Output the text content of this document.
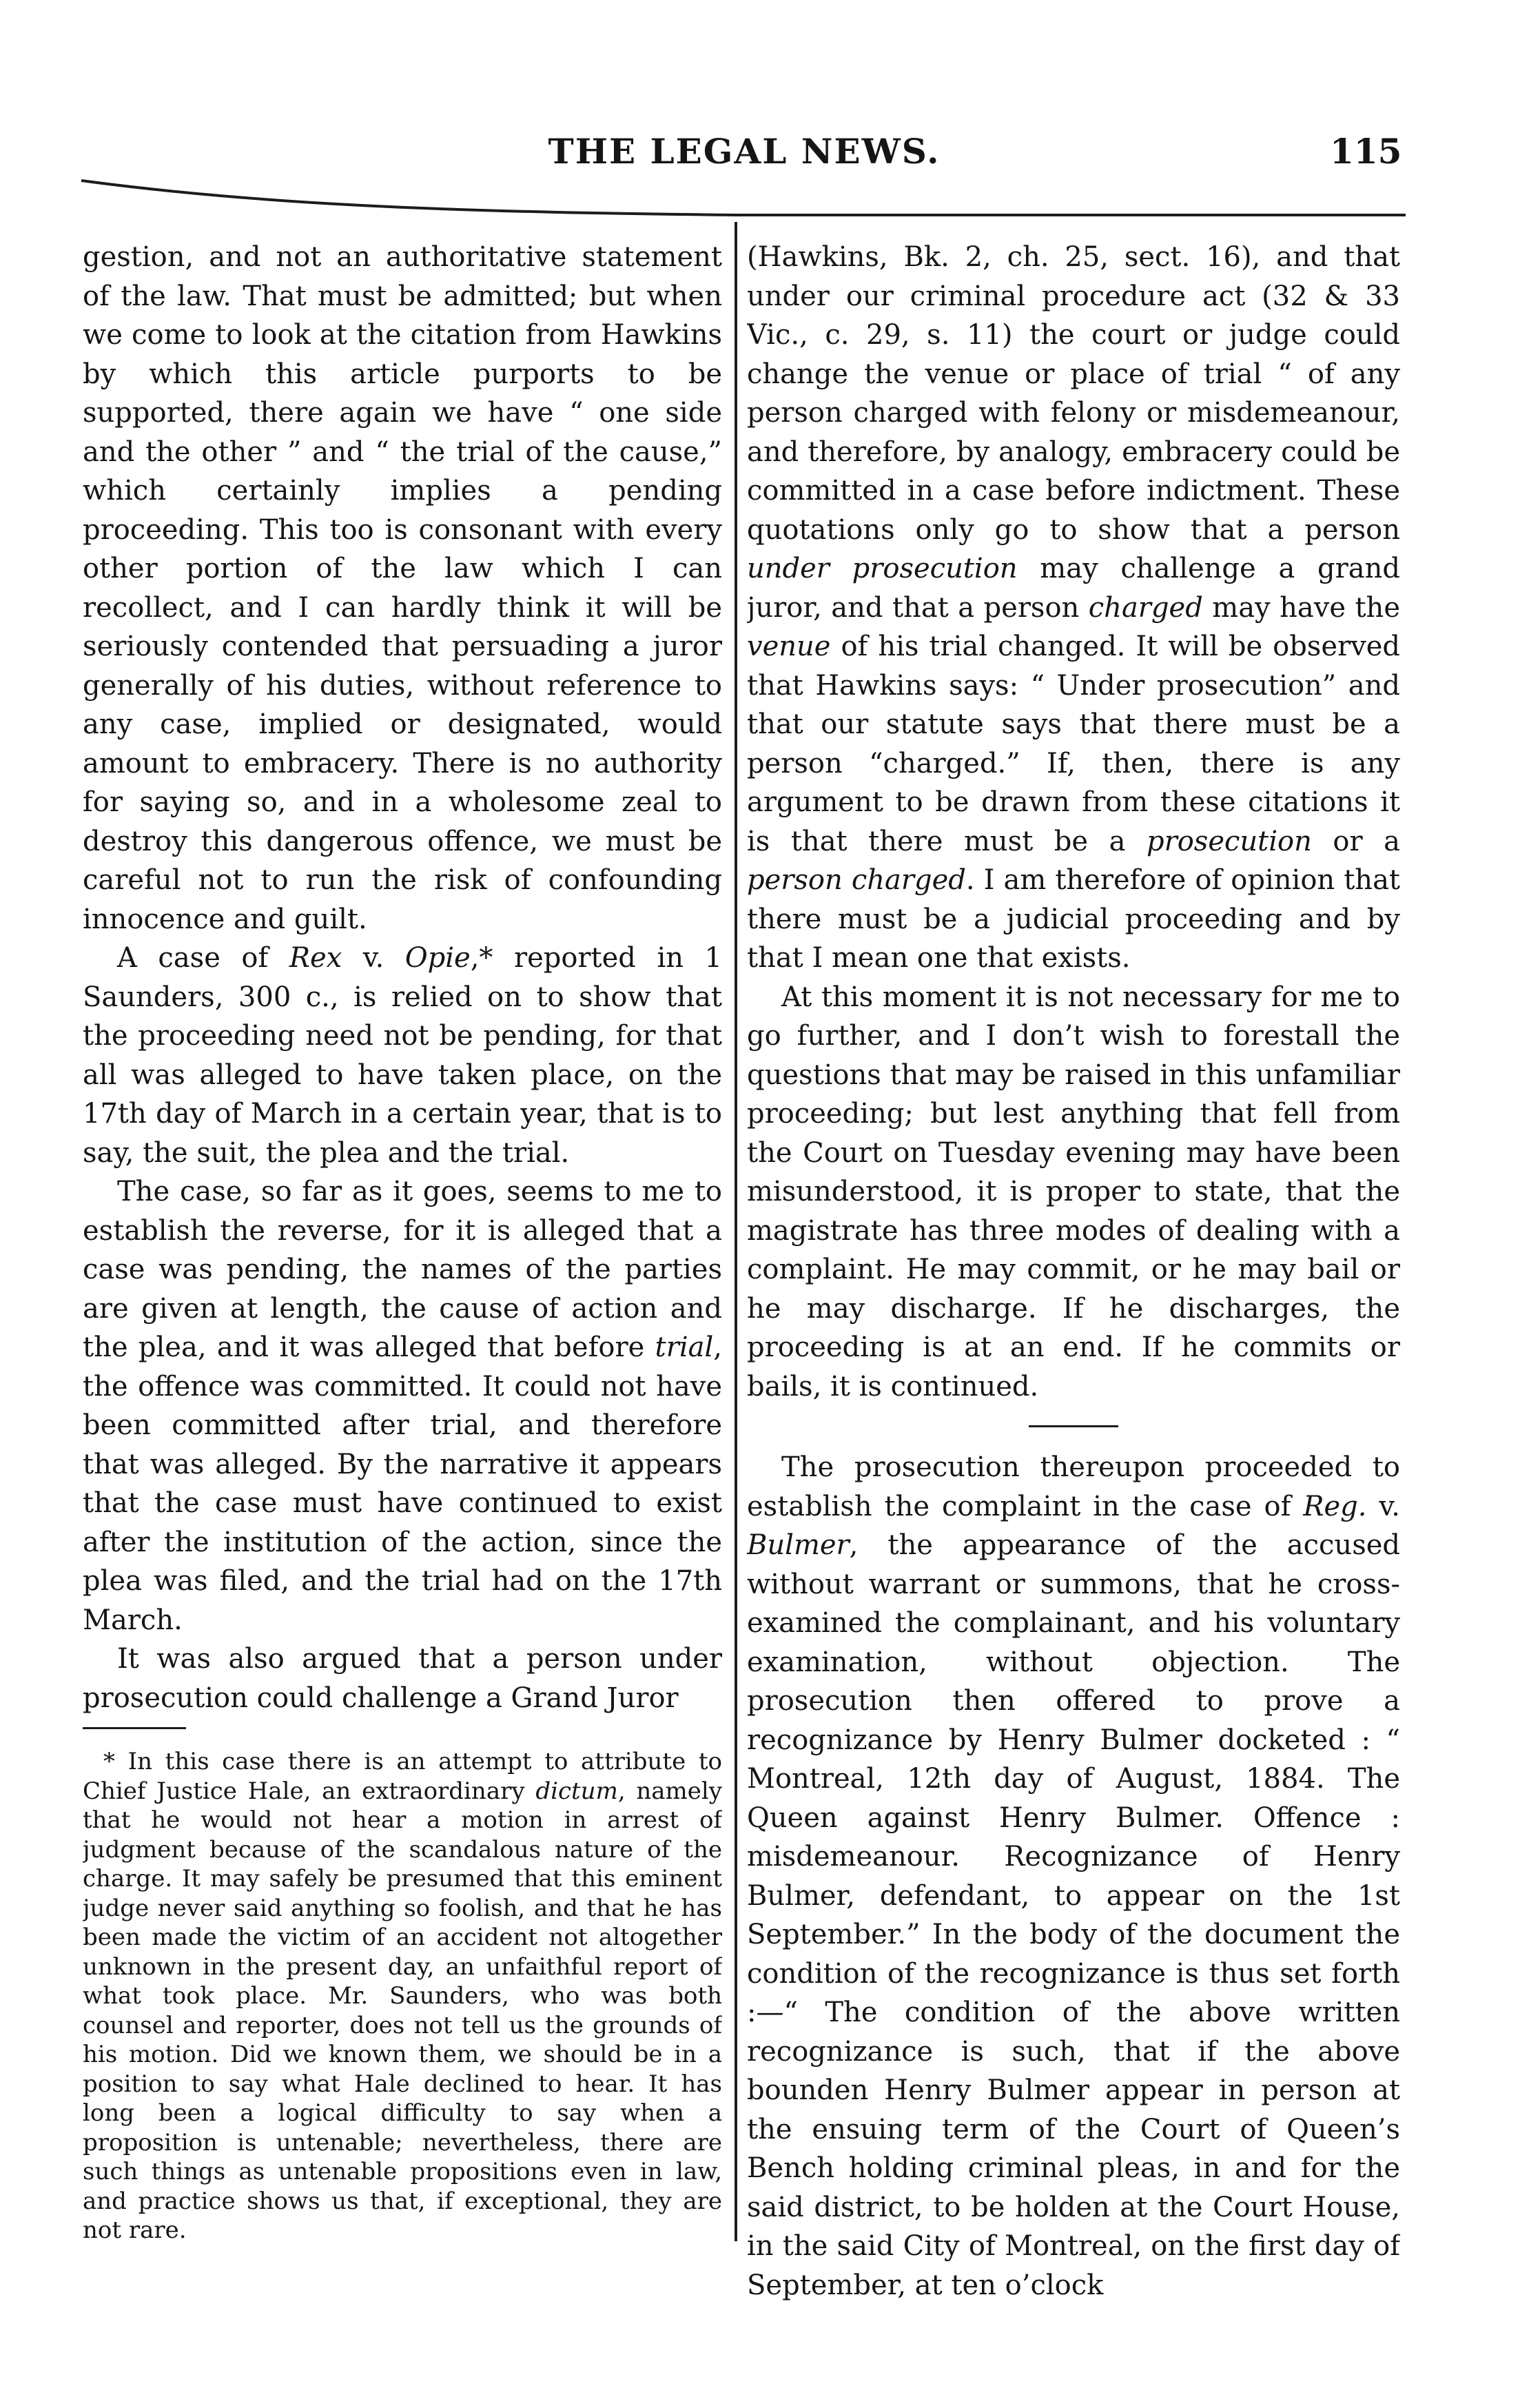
THE LEGAL NEWS.	115

gestion, and not an authoritative statement of the law. That must be admitted; but when we come to look at the citation from Hawkins by which this article purports to be supported, there again we have “ one side and the other ” and “ the trial of the cause,” which certainly implies a pending proceeding. This too is consonant with every other portion of the law which I can recollect, and I can hardly think it will be seriously contended that persuading a juror generally of his duties, without reference to any case, implied or designated, would amount to embracery. There is no authority for saying so, and in a wholesome zeal to destroy this dangerous offence, we must be careful not to run the risk of confounding innocence and guilt.

A case of Rex v. Opie,* reported in 1 Saunders, 300 c., is relied on to show that the proceeding need not be pending, for that all was alleged to have taken place, on the 17th day of March in a certain year, that is to say, the suit, the plea and the trial.

The case, so far as it goes, seems to me to establish the reverse, for it is alleged that a case was pending, the names of the parties are given at length, the cause of action and the plea, and it was alleged that before trial, the offence was committed. It could not have been committed after trial, and therefore that was alleged. By the narrative it appears that the case must have continued to exist after the institution of the action, since the plea was filed, and the trial had on the 17th March.

It was also argued that a person under prosecution could challenge a Grand Juror

* In this case there is an attempt to attribute to Chief Justice Hale, an extraordinary dictum, namely that he would not hear a motion in arrest of judgment because of the scandalous nature of the charge. It may safely be presumed that this eminent judge never said anything so foolish, and that he has been made the victim of an accident not altogether unknown in the present day, an unfaithful report of what took place. Mr. Saunders, who was both counsel and reporter, does not tell us the grounds of his motion. Did we known them, we should be in a position to say what Hale declined to hear. It has long been a logical difficulty to say when a proposition is untenable; nevertheless, there are such things as untenable propositions even in law, and practice shows us that, if exceptional, they are not rare.

(Hawkins, Bk. 2, ch. 25, sect. 16), and that under our criminal procedure act (32 & 33 Vic., c. 29, s. 11) the court or judge could change the venue or place of trial “ of any person charged with felony or misdemeanour, and therefore, by analogy, embracery could be committed in a case before indictment. These quotations only go to show that a person under prosecution may challenge a grand juror, and that a person charged may have the venue of his trial changed. It will be observed that Hawkins says: “ Under prosecution” and that our statute says that there must be a person “charged.” If, then, there is any argument to be drawn from these citations it is that there must be a prosecution or a person charged. I am therefore of opinion that there must be a judicial proceeding and by that I mean one that exists.

At this moment it is not necessary for me to go further, and I don’t wish to forestall the questions that may be raised in this unfamiliar proceeding; but lest anything that fell from the Court on Tuesday evening may have been misunderstood, it is proper to state, that the magistrate has three modes of dealing with a complaint. He may commit, or he may bail or he may discharge. If he discharges, the proceeding is at an end. If he commits or bails, it is continued.

The prosecution thereupon proceeded to establish the complaint in the case of Reg. v. Bulmer, the appearance of the accused without warrant or summons, that he cross-examined the complainant, and his voluntary examination, without objection. The prosecution then offered to prove a recognizance by Henry Bulmer docketed : “ Montreal, 12th day of August, 1884. The Queen against Henry Bulmer. Offence : misdemeanour. Recognizance of Henry Bulmer, defendant, to appear on the 1st September.” In the body of the document the condition of the recognizance is thus set forth :—“ The condition of the above written recognizance is such, that if the above bounden Henry Bulmer appear in person at the ensuing term of the Court of Queen’s Bench holding criminal pleas, in and for the said district, to be holden at the Court House, in the said City of Montreal, on the first day of September, at ten o’clock
